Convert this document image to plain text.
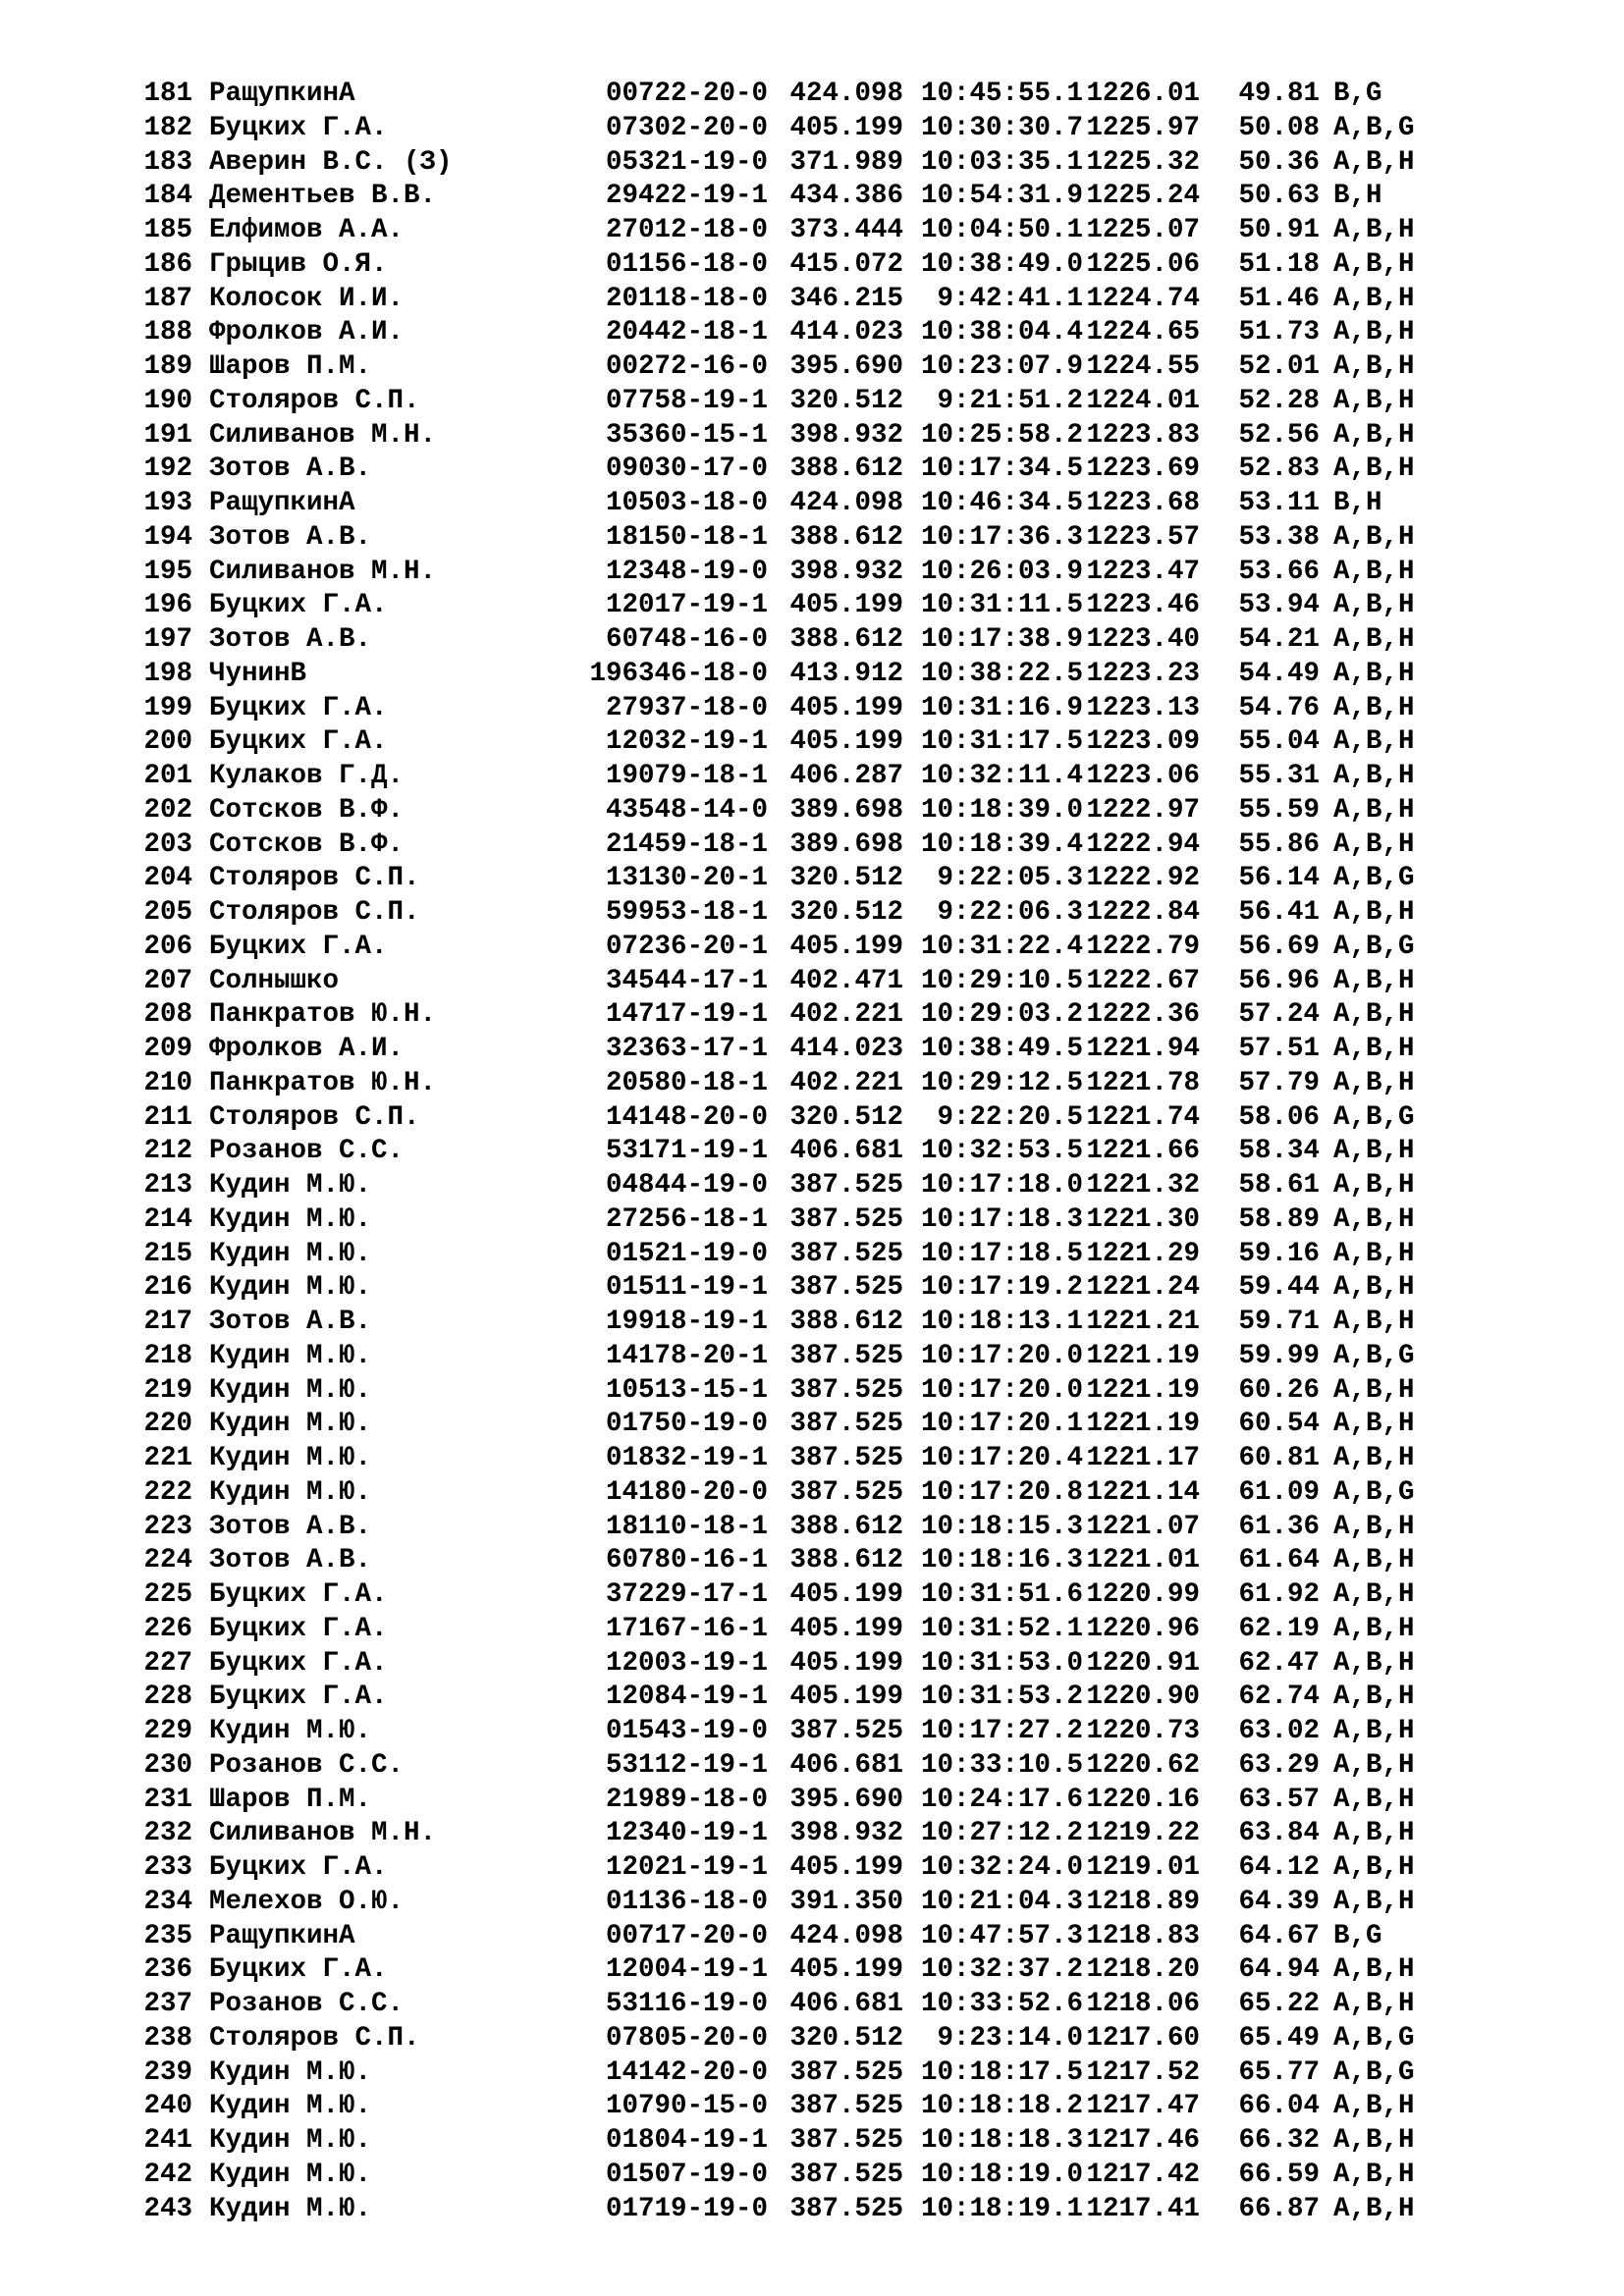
181 РащупкинА	00722-20-0 424.098 10:45:55.1 1226.01	49.81 B,G
182 Буцких Г.А.	07302-20-0 405.199 10:30:30.7 1225.97	50.08 A,B,G
183 Аверин В.С. (З)	05321-19-0 371.989 10:03:35.1 1225.32	50.36 A,B,H
184 Дементьев В.В.	29422-19-1 434.386 10:54:31.9 1225.24	50.63 B,H
185 Елфимов А.А.	27012-18-0 373.444 10:04:50.1 1225.07	50.91 A,B,H
186 Грыцив О.Я.	01156-18-0 415.072 10:38:49.0 1225.06	51.18 A,B,H
187 Колосок И.И.	20118-18-0 346.215	9:42:41.1 1224.74	51.46 A,B,H
188 Фролков А.И.	20442-18-1 414.023 10:38:04.4 1224.65	51.73 A,B,H
189 Шаров П.М.	00272-16-0 395.690 10:23:07.9 1224.55	52.01 A,B,H
190 Столяров С.П.	07758-19-1 320.512	9:21:51.2 1224.01	52.28 A,B,H
191 Силиванов М.Н.	35360-15-1 398.932 10:25:58.2 1223.83	52.56 A,B,H
192 Зотов А.В.	09030-17-0 388.612 10:17:34.5 1223.69	52.83 A,B,H
193 РащупкинА	10503-18-0 424.098 10:46:34.5 1223.68	53.11 B,H
194 Зотов А.В.	18150-18-1 388.612 10:17:36.3 1223.57	53.38 A,B,H
195 Силиванов М.Н.	12348-19-0 398.932 10:26:03.9 1223.47	53.66 A,B,H
196 Буцких Г.А.	12017-19-1 405.199 10:31:11.5 1223.46	53.94 A,B,H
197 Зотов А.В.	60748-16-0 388.612 10:17:38.9 1223.40	54.21 A,B,H
198 ЧунинВ	196346-18-0 413.912 10:38:22.5 1223.23	54.49 A,B,H
199 Буцких Г.А.	27937-18-0 405.199 10:31:16.9 1223.13	54.76 A,B,H
200 Буцких Г.А.	12032-19-1 405.199 10:31:17.5 1223.09	55.04 A,B,H
201 Кулаков Г.Д.	19079-18-1 406.287 10:32:11.4 1223.06	55.31 A,B,H
202 Сотсков В.Ф.	43548-14-0 389.698 10:18:39.0 1222.97	55.59 A,B,H
203 Сотсков В.Ф.	21459-18-1 389.698 10:18:39.4 1222.94	55.86 A,B,H
204 Столяров С.П.	13130-20-1 320.512	9:22:05.3 1222.92	56.14 A,B,G
205 Столяров С.П.	59953-18-1 320.512	9:22:06.3 1222.84	56.41 A,B,H
206 Буцких Г.А.	07236-20-1 405.199 10:31:22.4 1222.79	56.69 A,B,G
207 Солнышко	34544-17-1 402.471 10:29:10.5 1222.67	56.96 A,B,H
208 Панкратов Ю.Н.	14717-19-1 402.221 10:29:03.2 1222.36	57.24 A,B,H
209 Фролков А.И.	32363-17-1 414.023 10:38:49.5 1221.94	57.51 A,B,H
210 Панкратов Ю.Н.	20580-18-1 402.221 10:29:12.5 1221.78	57.79 A,B,H
211 Столяров С.П.	14148-20-0 320.512	9:22:20.5 1221.74	58.06 A,B,G
212 Розанов С.С.	53171-19-1 406.681 10:32:53.5 1221.66	58.34 A,B,H
213 Кудин М.Ю.	04844-19-0 387.525 10:17:18.0 1221.32	58.61 A,B,H
214 Кудин М.Ю.	27256-18-1 387.525 10:17:18.3 1221.30	58.89 A,B,H
215 Кудин М.Ю.	01521-19-0 387.525 10:17:18.5 1221.29	59.16 A,B,H
216 Кудин М.Ю.	01511-19-1 387.525 10:17:19.2 1221.24	59.44 A,B,H
217 Зотов А.В.	19918-19-1 388.612 10:18:13.1 1221.21	59.71 A,B,H
218 Кудин М.Ю.	14178-20-1 387.525 10:17:20.0 1221.19	59.99 A,B,G
219 Кудин М.Ю.	10513-15-1 387.525 10:17:20.0 1221.19	60.26 A,B,H
220 Кудин М.Ю.	01750-19-0 387.525 10:17:20.1 1221.19	60.54 A,B,H
221 Кудин М.Ю.	01832-19-1 387.525 10:17:20.4 1221.17	60.81 A,B,H
222 Кудин М.Ю.	14180-20-0 387.525 10:17:20.8 1221.14	61.09 A,B,G
223 Зотов А.В.	18110-18-1 388.612 10:18:15.3 1221.07	61.36 A,B,H
224 Зотов А.В.	60780-16-1 388.612 10:18:16.3 1221.01	61.64 A,B,H
225 Буцких Г.А.	37229-17-1 405.199 10:31:51.6 1220.99	61.92 A,B,H
226 Буцких Г.А.	17167-16-1 405.199 10:31:52.1 1220.96	62.19 A,B,H
227 Буцких Г.А.	12003-19-1 405.199 10:31:53.0 1220.91	62.47 A,B,H
228 Буцких Г.А.	12084-19-1 405.199 10:31:53.2 1220.90	62.74 A,B,H
229 Кудин М.Ю.	01543-19-0 387.525 10:17:27.2 1220.73	63.02 A,B,H
230 Розанов С.С.	53112-19-1 406.681 10:33:10.5 1220.62	63.29 A,B,H
231 Шаров П.М.	21989-18-0 395.690 10:24:17.6 1220.16	63.57 A,B,H
232 Силиванов М.Н.	12340-19-1 398.932 10:27:12.2 1219.22	63.84 A,B,H
233 Буцких Г.А.	12021-19-1 405.199 10:32:24.0 1219.01	64.12 A,B,H
234 Мелехов О.Ю.	01136-18-0 391.350 10:21:04.3 1218.89	64.39 A,B,H
235 РащупкинА	00717-20-0 424.098 10:47:57.3 1218.83	64.67 B,G
236 Буцких Г.А.	12004-19-1 405.199 10:32:37.2 1218.20	64.94 A,B,H
237 Розанов С.С.	53116-19-0 406.681 10:33:52.6 1218.06	65.22 A,B,H
238 Столяров С.П.	07805-20-0 320.512	9:23:14.0 1217.60	65.49 A,B,G
239 Кудин М.Ю.	14142-20-0 387.525 10:18:17.5 1217.52	65.77 A,B,G
240 Кудин М.Ю.	10790-15-0 387.525 10:18:18.2 1217.47	66.04 A,B,H
241 Кудин М.Ю.	01804-19-1 387.525 10:18:18.3 1217.46	66.32 A,B,H
242 Кудин М.Ю.	01507-19-0 387.525 10:18:19.0 1217.42	66.59 A,B,H
243 Кудин М.Ю.	01719-19-0 387.525 10:18:19.1 1217.41	66.87 A,B,H
